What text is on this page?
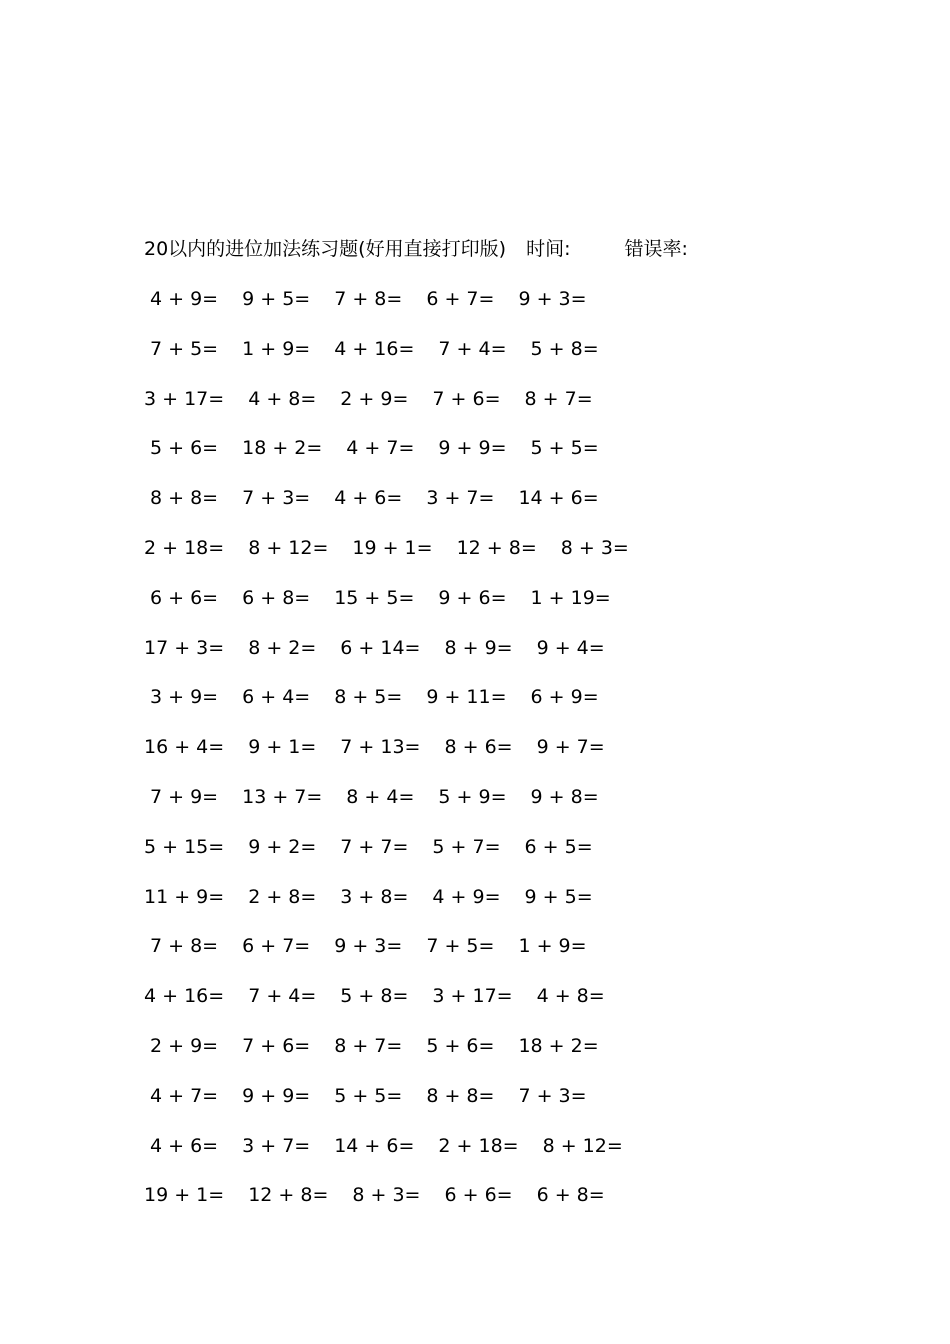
20以内的进位加法练习题(好用直接打印版) 时间:	错误率:
4 + 9= 9 + 5= 7 + 8= 6 + 7= 9 + 3=
7 + 5= 1 + 9= 4 + 16= 7 + 4= 5 + 8=
3 + 17= 4 + 8= 2 + 9= 7 + 6= 8 + 7=
5 + 6= 18 + 2= 4 + 7= 9 + 9= 5 + 5=
8 + 8= 7 + 3= 4 + 6= 3 + 7= 14 + 6=
2 + 18= 8 + 12= 19 + 1= 12 + 8= 8 + 3=
6 + 6= 6 + 8= 15 + 5= 9 + 6= 1 + 19=
17 + 3= 8 + 2= 6 + 14= 8 + 9= 9 + 4=
3 + 9= 6 + 4= 8 + 5= 9 + 11= 6 + 9=
16 + 4= 9 + 1= 7 + 13= 8 + 6= 9 + 7=
7 + 9= 13 + 7= 8 + 4= 5 + 9= 9 + 8=
5 + 15= 9 + 2= 7 + 7= 5 + 7= 6 + 5=
11 + 9= 2 + 8= 3 + 8= 4 + 9= 9 + 5=
7 + 8= 6 + 7= 9 + 3= 7 + 5= 1 + 9=
4 + 16= 7 + 4= 5 + 8= 3 + 17= 4 + 8=
2 + 9= 7 + 6= 8 + 7= 5 + 6= 18 + 2=
4 + 7= 9 + 9= 5 + 5= 8 + 8= 7 + 3=
4 + 6= 3 + 7= 14 + 6= 2 + 18= 8 + 12=
19 + 1= 12 + 8= 8 + 3= 6 + 6= 6 + 8=
